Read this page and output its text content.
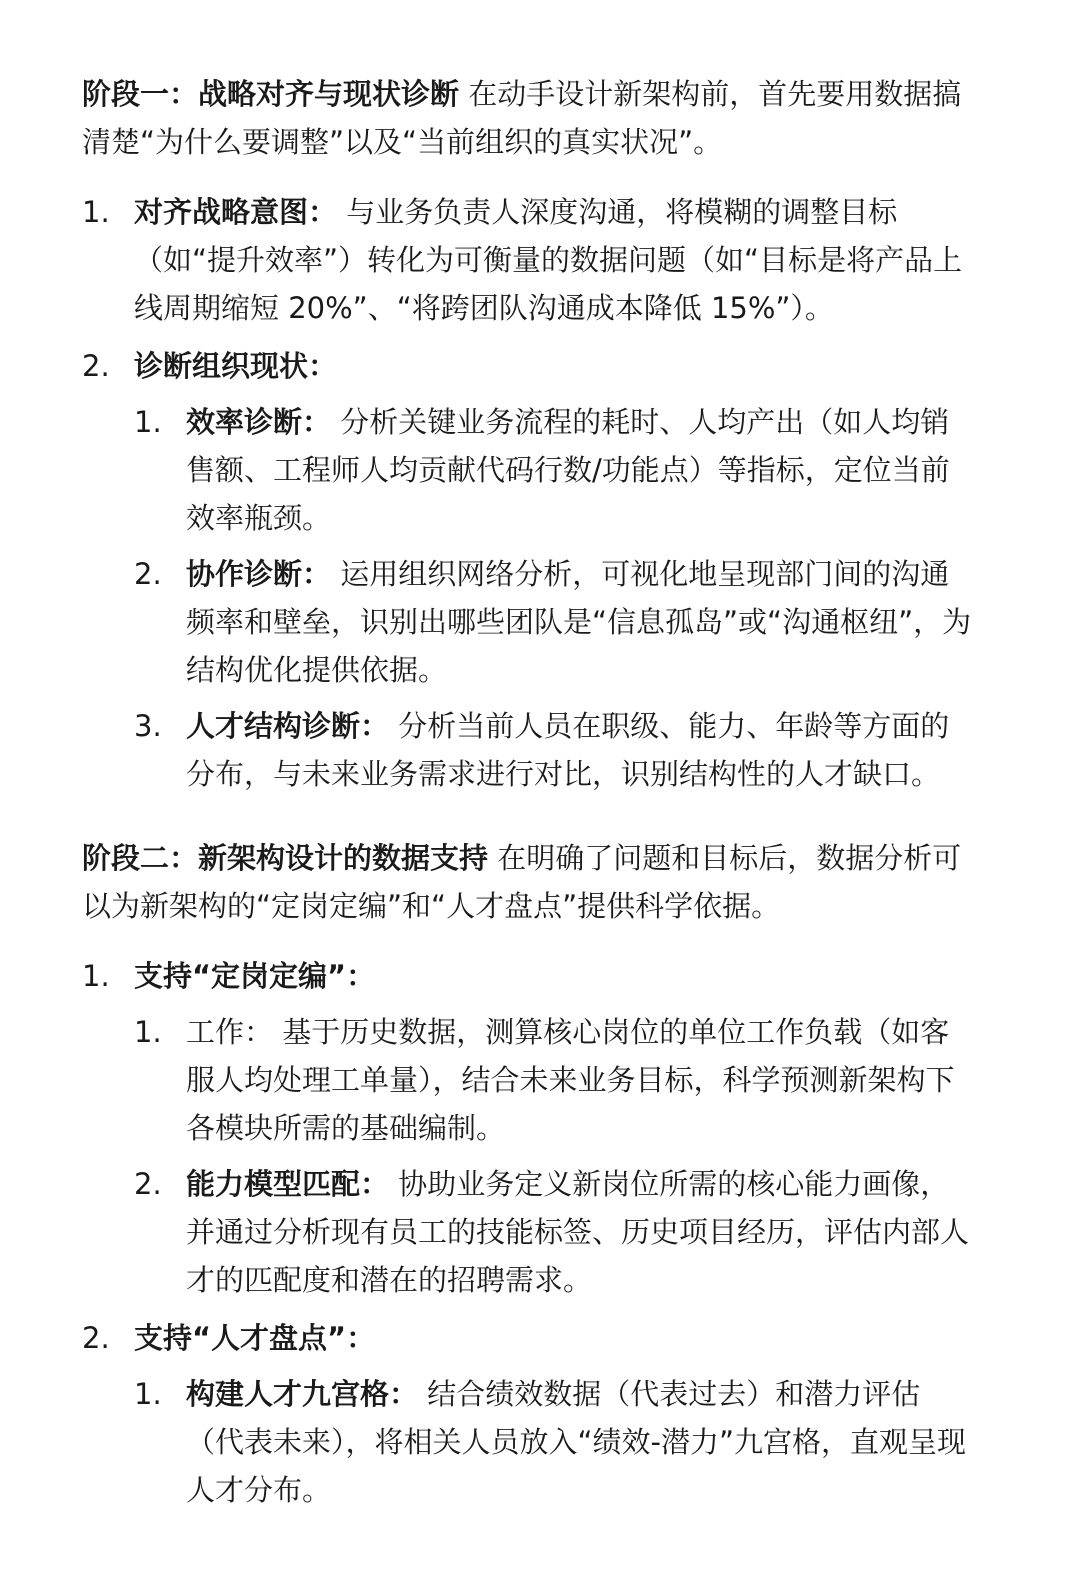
阶段一：战略对齐与现状诊断 在动手设计新架构前，首先要用数据搞清楚“为什么要调整”以及“当前组织的真实状况”。

1. 对齐战略意图： 与业务负责人深度沟通，将模糊的调整目标（如“提升效率”）转化为可衡量的数据问题（如“目标是将产品上线周期缩短 20%”、“将跨团队沟通成本降低 15%”）。
2. 诊断组织现状：
1. 效率诊断： 分析关键业务流程的耗时、人均产出（如人均销售额、工程师人均贡献代码行数/功能点）等指标，定位当前效率瓶颈。
2. 协作诊断： 运用组织网络分析，可视化地呈现部门间的沟通频率和壁垒，识别出哪些团队是“信息孤岛”或“沟通枢纽”，为结构优化提供依据。
3. 人才结构诊断： 分析当前人员在职级、能力、年龄等方面的分布，与未来业务需求进行对比，识别结构性的人才缺口。

阶段二：新架构设计的数据支持 在明确了问题和目标后，数据分析可以为新架构的“定岗定编”和“人才盘点”提供科学依据。

1. 支持“定岗定编”：
1. 工作： 基于历史数据，测算核心岗位的单位工作负载（如客服人均处理工单量），结合未来业务目标，科学预测新架构下各模块所需的基础编制。
2. 能力模型匹配： 协助业务定义新岗位所需的核心能力画像，并通过分析现有员工的技能标签、历史项目经历，评估内部人才的匹配度和潜在的招聘需求。
2. 支持“人才盘点”：
1. 构建人才九宫格： 结合绩效数据（代表过去）和潜力评估（代表未来），将相关人员放入“绩效-潜力”九宫格，直观呈现人才分布。
